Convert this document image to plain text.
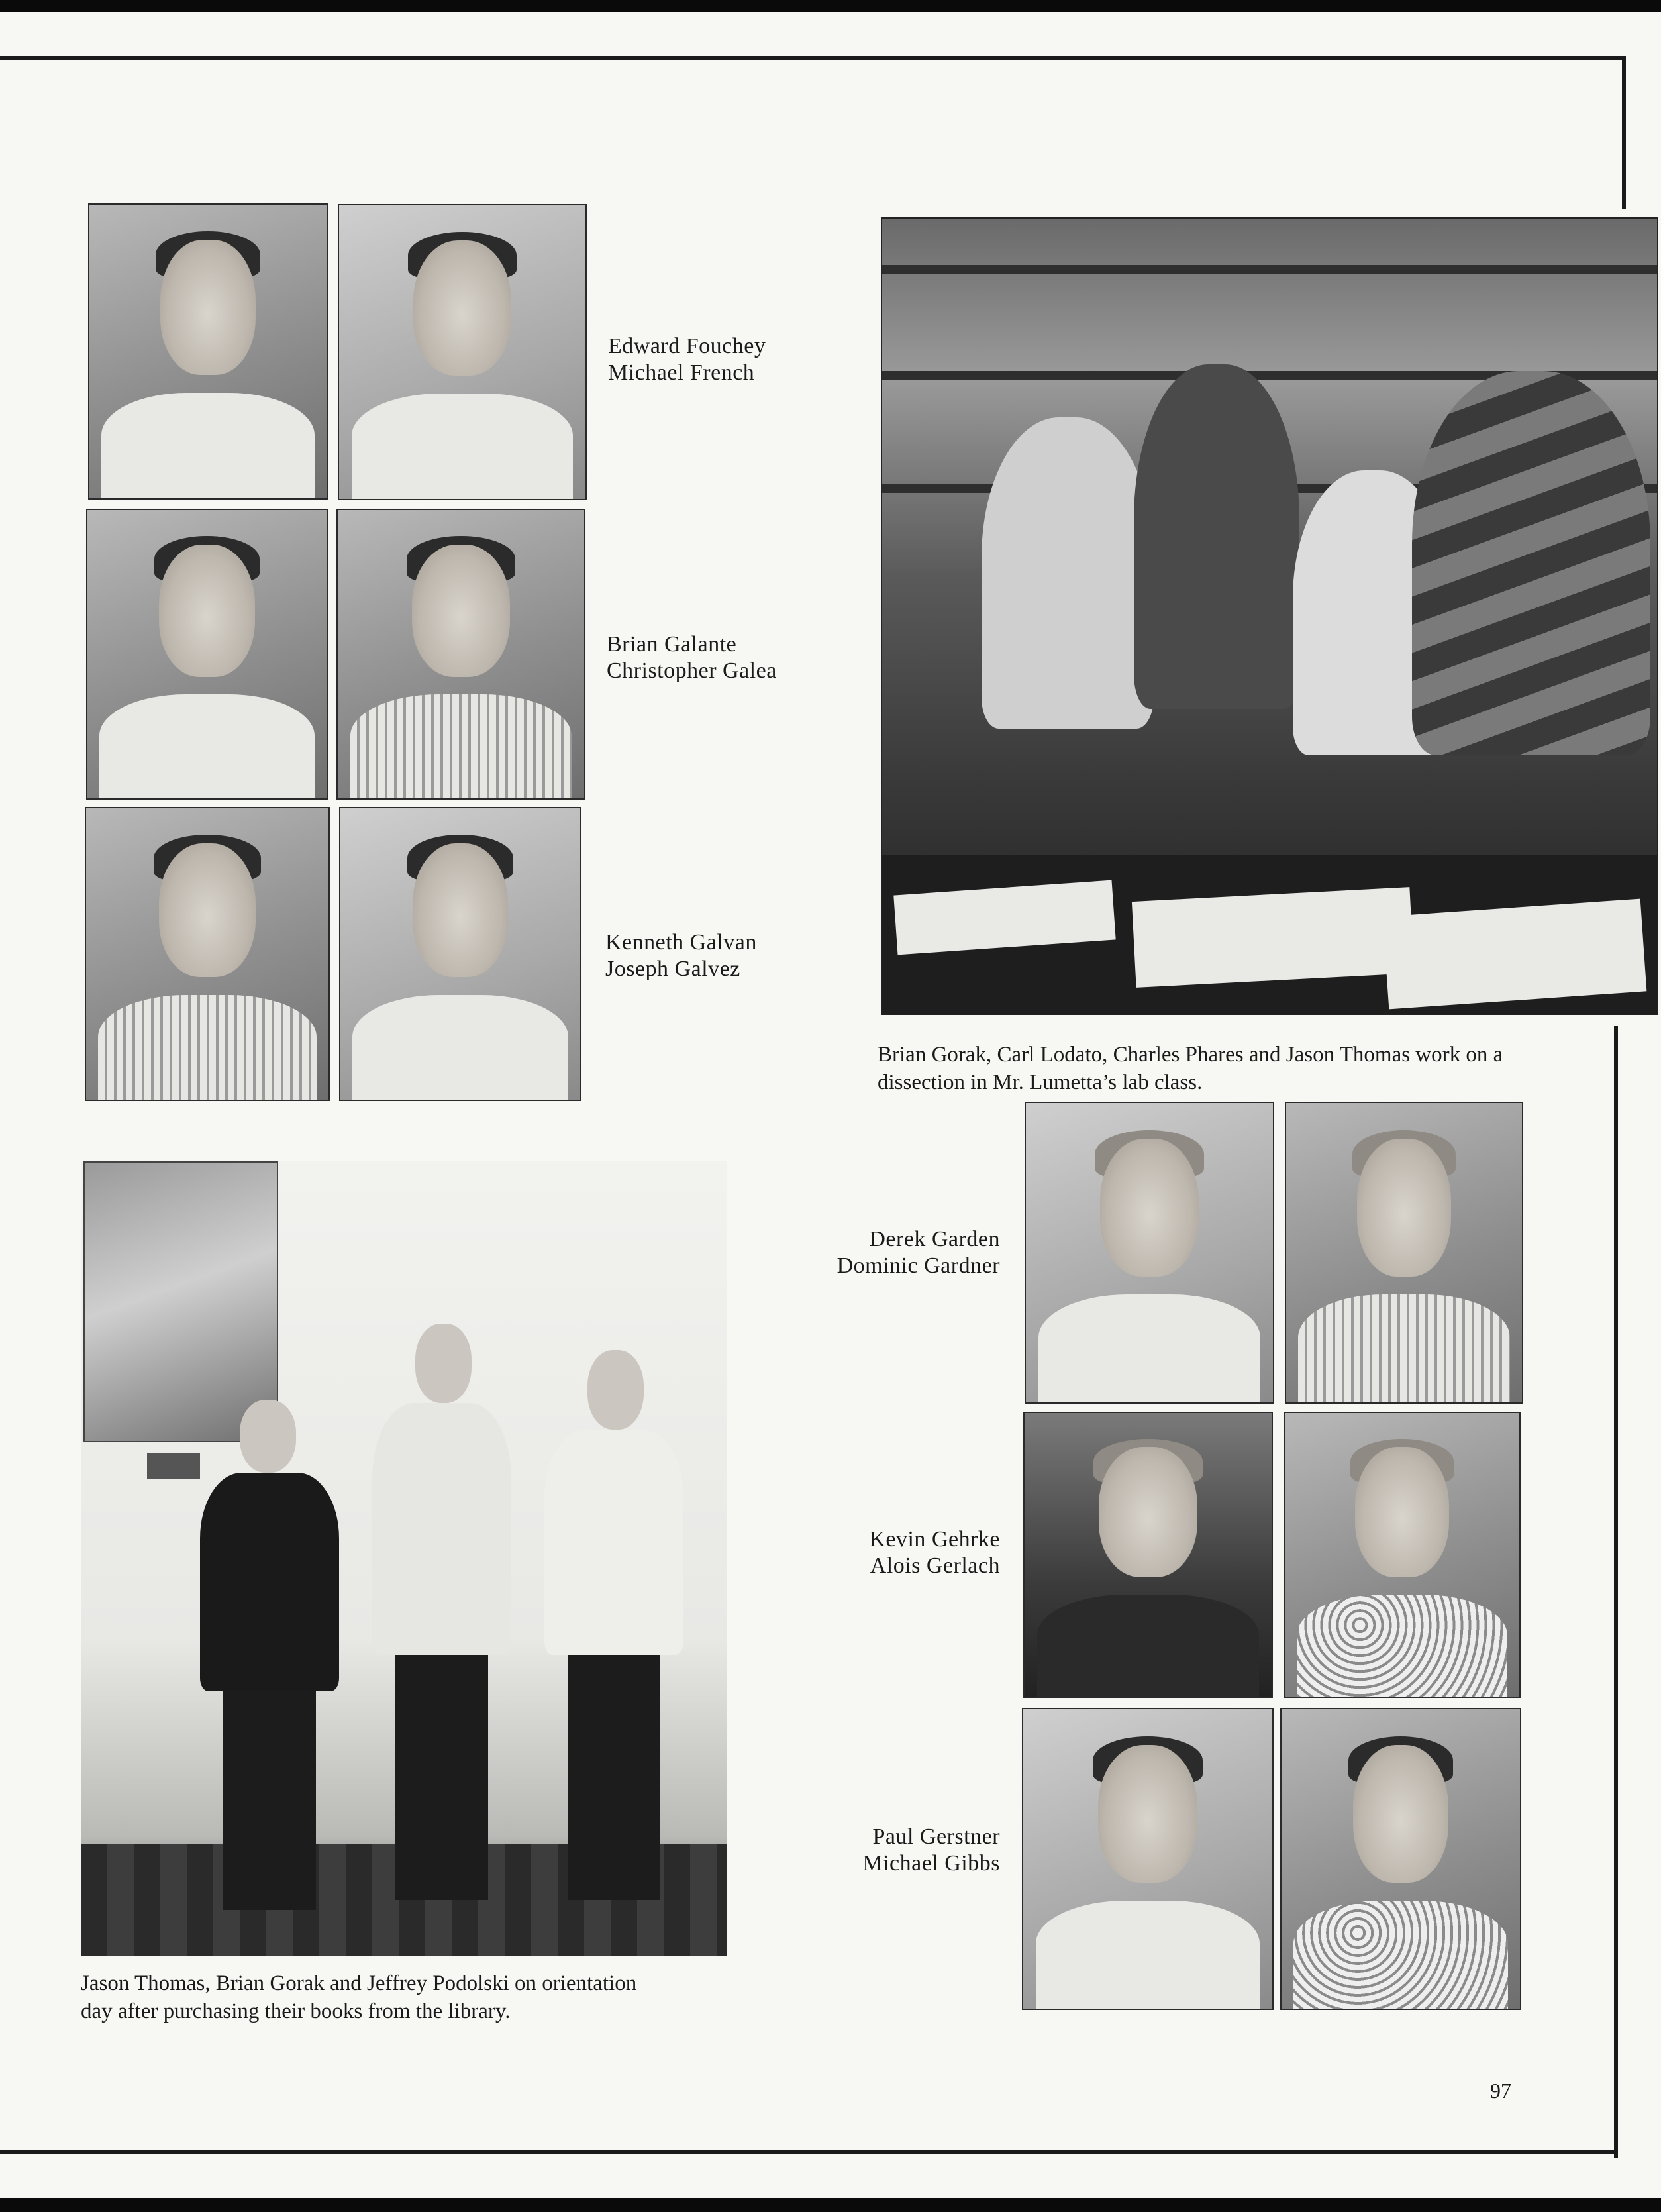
Edward Fouchey
Michael French
Brian Galante
Christopher Galea
Kenneth Galvan
Joseph Galvez
Brian Gorak, Carl Lodato, Charles Phares and Jason Thomas work on a
dissection in Mr. Lumetta’s lab class.
Jason Thomas, Brian Gorak and Jeffrey Podolski on orientation
day after purchasing their books from the library.
Derek Garden
Dominic Gardner
Kevin Gehrke
Alois Gerlach
Paul Gerstner
Michael Gibbs
97
